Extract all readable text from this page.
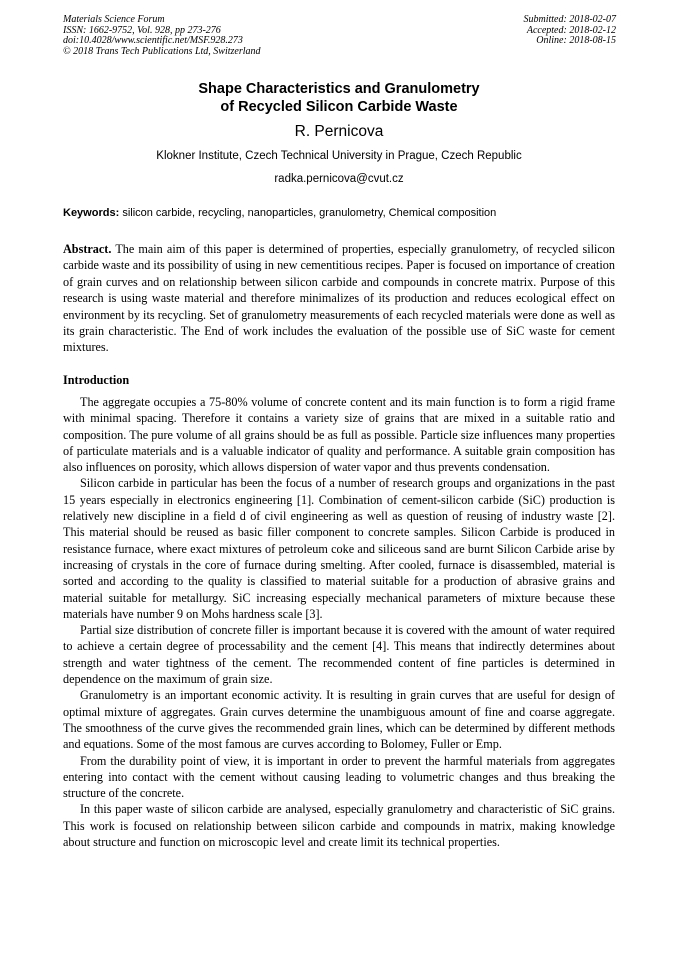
Materials Science Forum
ISSN: 1662-9752, Vol. 928, pp 273-276
doi:10.4028/www.scientific.net/MSF.928.273
© 2018 Trans Tech Publications Ltd, Switzerland
Submitted: 2018-02-07
Accepted: 2018-02-12
Online: 2018-08-15
Shape Characteristics and Granulometry
of Recycled Silicon Carbide Waste
R. Pernicova
Klokner Institute, Czech Technical University in Prague, Czech Republic
radka.pernicova@cvut.cz
Keywords: silicon carbide, recycling, nanoparticles, granulometry, Chemical composition
Abstract. The main aim of this paper is determined of properties, especially granulometry, of recycled silicon carbide waste and its possibility of using in new cementitious recipes. Paper is focused on importance of creation of grain curves and on relationship between silicon carbide and compounds in concrete matrix. Purpose of this research is using waste material and therefore minimalizes of its production and reduces ecological effect on environment by its recycling. Set of granulometry measurements of each recycled materials were done as well as its grain characteristic. The End of work includes the evaluation of the possible use of SiC waste for cement mixtures.
Introduction

The aggregate occupies a 75-80% volume of concrete content and its main function is to form a rigid frame with minimal spacing. Therefore it contains a variety size of grains that are mixed in a suitable ratio and composition. The pure volume of all grains should be as full as possible. Particle size influences many properties of particulate materials and is a valuable indicator of quality and performance. A suitable grain composition has also influences on porosity, which allows dispersion of water vapor and thus prevents condensation.

Silicon carbide in particular has been the focus of a number of research groups and organizations in the past 15 years especially in electronics engineering [1]. Combination of cement-silicon carbide (SiC) production is relatively new discipline in a field d of civil engineering as well as question of reusing of industry waste [2]. This material should be reused as basic filler component to concrete samples. Silicon Carbide is produced in resistance furnace, where exact mixtures of petroleum coke and siliceous sand are burnt Silicon Carbide arise by increasing of crystals in the core of furnace during smelting. After cooled, furnace is disassembled, material is sorted and according to the quality is classified to material suitable for a production of abrasive grains and material suitable for metallurgy. SiC increasing especially mechanical parameters of mixture because these materials have number 9 on Mohs hardness scale [3].

Partial size distribution of concrete filler is important because it is covered with the amount of water required to achieve a certain degree of processability and the cement [4]. This means that indirectly determines about strength and water tightness of the cement. The recommended content of fine particles is determined in dependence on the maximum of grain size.

Granulometry is an important economic activity. It is resulting in grain curves that are useful for design of optimal mixture of aggregates. Grain curves determine the unambiguous amount of fine and coarse aggregate. The smoothness of the curve gives the recommended grain lines, which can be determined by different methods and equations. Some of the most famous are curves according to Bolomey, Fuller or Emp.

From the durability point of view, it is important in order to prevent the harmful materials from aggregates entering into contact with the cement without causing leading to volumetric changes and thus breaking the structure of the concrete.

In this paper waste of silicon carbide are analysed, especially granulometry and characteristic of SiC grains. This work is focused on relationship between silicon carbide and compounds in matrix, making knowledge about structure and function on microscopic level and create limit its technical properties.
